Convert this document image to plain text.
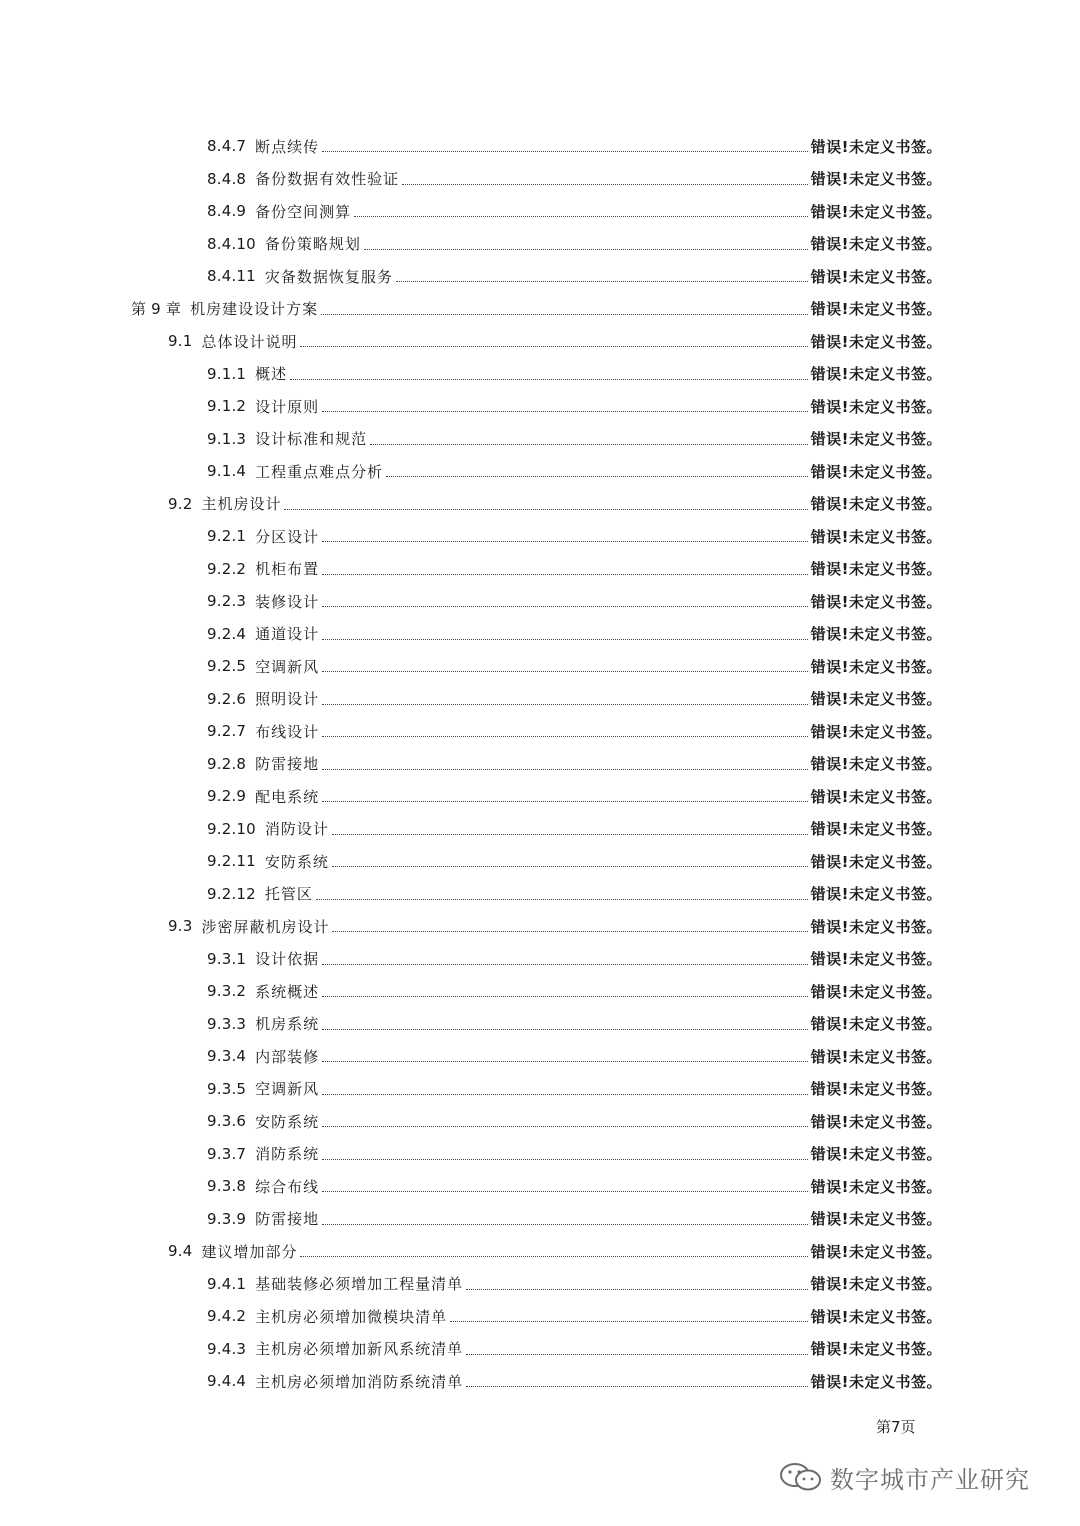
8.4.7 断点续传	错误!未定义书签。
8.4.8 备份数据有效性验证	错误!未定义书签。
8.4.9 备份空间测算	错误!未定义书签。
8.4.10 备份策略规划	错误!未定义书签。
8.4.11 灾备数据恢复服务	错误!未定义书签。
第 9 章 机房建设设计方案	错误!未定义书签。
9.1 总体设计说明	错误!未定义书签。
9.1.1 概述	错误!未定义书签。
9.1.2 设计原则	错误!未定义书签。
9.1.3 设计标准和规范	错误!未定义书签。
9.1.4 工程重点难点分析	错误!未定义书签。
9.2 主机房设计	错误!未定义书签。
9.2.1 分区设计	错误!未定义书签。
9.2.2 机柜布置	错误!未定义书签。
9.2.3 装修设计	错误!未定义书签。
9.2.4 通道设计	错误!未定义书签。
9.2.5 空调新风	错误!未定义书签。
9.2.6 照明设计	错误!未定义书签。
9.2.7 布线设计	错误!未定义书签。
9.2.8 防雷接地	错误!未定义书签。
9.2.9 配电系统	错误!未定义书签。
9.2.10 消防设计	错误!未定义书签。
9.2.11 安防系统	错误!未定义书签。
9.2.12 托管区	错误!未定义书签。
9.3 涉密屏蔽机房设计	错误!未定义书签。
9.3.1 设计依据	错误!未定义书签。
9.3.2 系统概述	错误!未定义书签。
9.3.3 机房系统	错误!未定义书签。
9.3.4 内部装修	错误!未定义书签。
9.3.5 空调新风	错误!未定义书签。
9.3.6 安防系统	错误!未定义书签。
9.3.7 消防系统	错误!未定义书签。
9.3.8 综合布线	错误!未定义书签。
9.3.9 防雷接地	错误!未定义书签。
9.4 建议增加部分	错误!未定义书签。
9.4.1 基础装修必须增加工程量清单	错误!未定义书签。
9.4.2 主机房必须增加微模块清单	错误!未定义书签。
9.4.3 主机房必须增加新风系统清单	错误!未定义书签。
9.4.4 主机房必须增加消防系统清单	错误!未定义书签。
第7页
数字城市产业研究
